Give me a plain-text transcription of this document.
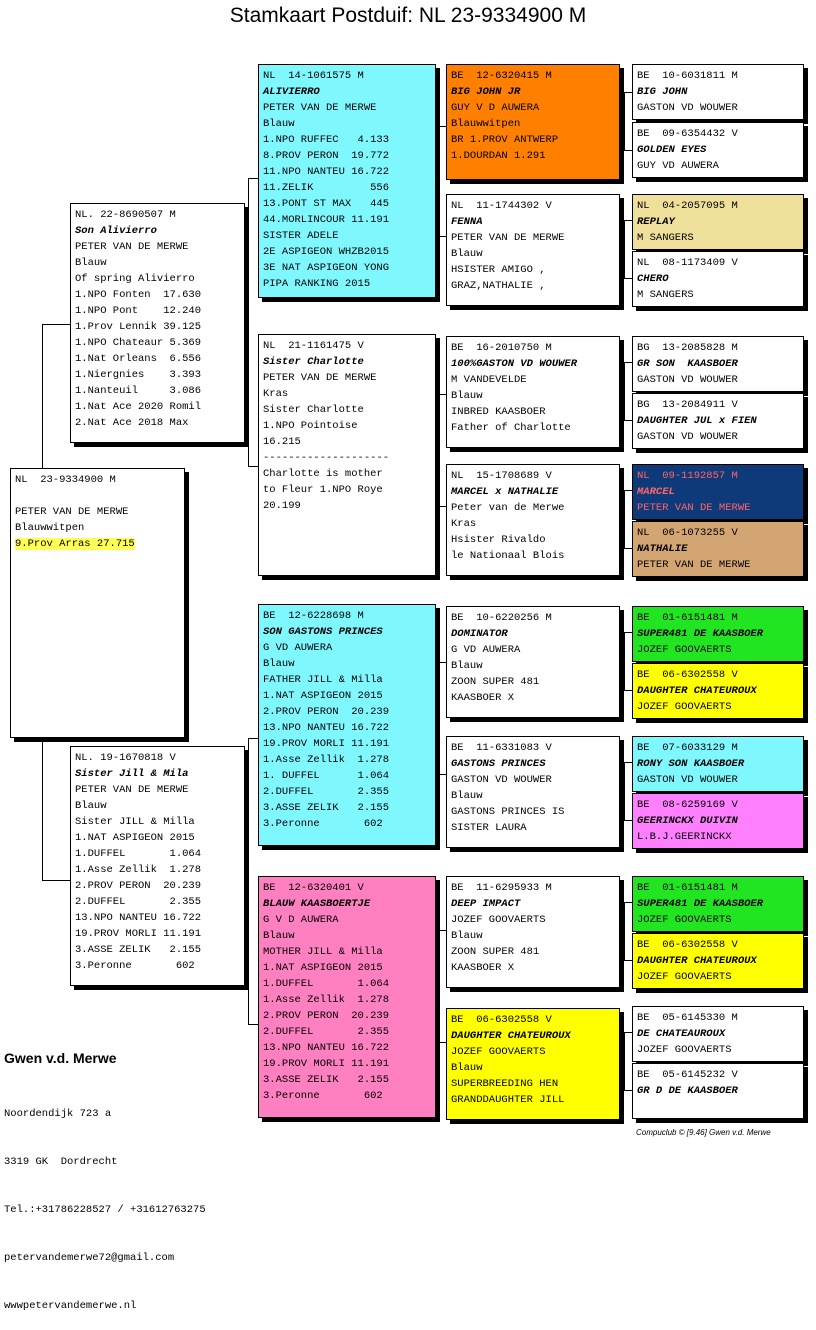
Stamkaart Postduif: NL 23-9334900 M
NL  23-9334900 M
PETER VAN DE MERWE
Blauwwitpen
9.Prov Arras 27.715
NL. 22-8690507 M
Son Alivierro
PETER VAN DE MERWE
Blauw
Of spring Alivierro
1.NPO Fonten  17.630
1.NPO Pont    12.240
1.Prov Lennik 39.125
1.NPO Chateaur 5.369
1.Nat Orleans  6.556
1.Niergnies    3.393
1.Nanteuil     3.086
1.Nat Ace 2020 Romil
2.Nat Ace 2018 Max
NL. 19-1670818 V
Sister Jill & Mila
PETER VAN DE MERWE
Blauw
Sister JILL & Milla
1.NAT ASPIGEON 2015
1.DUFFEL       1.064
1.Asse Zellik  1.278
2.PROV PERON  20.239
2.DUFFEL       2.355
13.NPO NANTEU 16.722
19.PROV MORLI 11.191
3.ASSE ZELIK   2.155
3.Peronne       602
NL  14-1061575 M
ALIVIERRO
PETER VAN DE MERWE
Blauw
1.NPO RUFFEC   4.133
8.PROV PERON  19.772
11.NPO NANTEU 16.722
11.ZELIK         556
13.PONT ST MAX   445
44.MORLINCOUR 11.191
SISTER ADELE
2E ASPIGEON WHZB2015
3E NAT ASPIGEON YONG
PIPA RANKING 2015
NL  21-1161475 V
Sister Charlotte
PETER VAN DE MERWE
Kras
Sister Charlotte
1.NPO Pointoise
16.215
--------------------
Charlotte is mother
to Fleur 1.NPO Roye
20.199
BE  12-6228698 M
SON GASTONS PRINCES
G VD AUWERA
Blauw
FATHER JILL & Milla
1.NAT ASPIGEON 2015
2.PROV PERON  20.239
13.NPO NANTEU 16.722
19.PROV MORLI 11.191
1.Asse Zellik  1.278
1. DUFFEL      1.064
2.DUFFEL       2.355
3.ASSE ZELIK   2.155
3.Peronne       602
BE  12-6320401 V
BLAUW KAASBOERTJE
G V D AUWERA
Blauw
MOTHER JILL & Milla
1.NAT ASPIGEON 2015
1.DUFFEL       1.064
1.Asse Zellik  1.278
2.PROV PERON  20.239
2.DUFFEL       2.355
13.NPO NANTEU 16.722
19.PROV MORLI 11.191
3.ASSE ZELIK   2.155
3.Peronne       602
BE  12-6320415 M
BIG JOHN JR
GUY V D AUWERA
Blauwwitpen
BR 1.PROV ANTWERP
1.DOURDAN 1.291
NL  11-1744302 V
FENNA
PETER VAN DE MERWE
Blauw
HSISTER AMIGO ,
GRAZ,NATHALIE ,
BE  16-2010750 M
100%GASTON VD WOUWER
M VANDEVELDE
Blauw
INBRED KAASBOER
Father of Charlotte
NL  15-1708689 V
MARCEL x NATHALIE
Peter van de Merwe
Kras
Hsister Rivaldo
le Nationaal Blois
BE  10-6220256 M
DOMINATOR
G VD AUWERA
Blauw
ZOON SUPER 481
KAASBOER X
BE  11-6331083 V
GASTONS PRINCES
GASTON VD WOUWER
Blauw
GASTONS PRINCES IS
SISTER LAURA
BE  11-6295933 M
DEEP IMPACT
JOZEF GOOVAERTS
Blauw
ZOON SUPER 481
KAASBOER X
BE  06-6302558 V
DAUGHTER CHATEUROUX
JOZEF GOOVAERTS
Blauw
SUPERBREEDING HEN
GRANDDAUGHTER JILL
BE  10-6031811 M
BIG JOHN
GASTON VD WOUWER
BE  09-6354432 V
GOLDEN EYES
GUY VD AUWERA
NL  04-2057095 M
REPLAY
M SANGERS
NL  08-1173409 V
CHERO
M SANGERS
BG  13-2085828 M
GR SON  KAASBOER
GASTON VD WOUWER
BG  13-2084911 V
DAUGHTER JUL x FIEN
GASTON VD WOUWER
NL  09-1192857 M
MARCEL
PETER VAN DE MERWE
NL  06-1073255 V
NATHALIE
PETER VAN DE MERWE
BE  01-6151481 M
SUPER481 DE KAASBOER
JOZEF GOOVAERTS
BE  06-6302558 V
DAUGHTER CHATEUROUX
JOZEF GOOVAERTS
BE  07-6033129 M
RONY SON KAASBOER
GASTON VD WOUWER
BE  08-6259169 V
GEERINCKX DUIVIN
L.B.J.GEERINCKX
BE  01-6151481 M
SUPER481 DE KAASBOER
JOZEF GOOVAERTS
BE  06-6302558 V
DAUGHTER CHATEUROUX
JOZEF GOOVAERTS
BE  05-6145330 M
DE CHATEAUROUX
JOZEF GOOVAERTS
BE  05-6145232 V
GR D DE KAASBOER

Gwen v.d. Merwe

Noordendijk 723 a

3319 GK  Dordrecht

Tel.:+31786228527 / +31612763275

petervandemerwe72@gmail.com

wwwpetervandemerwe.nl

Compuclub © [9.46] Gwen v.d. Merwe
